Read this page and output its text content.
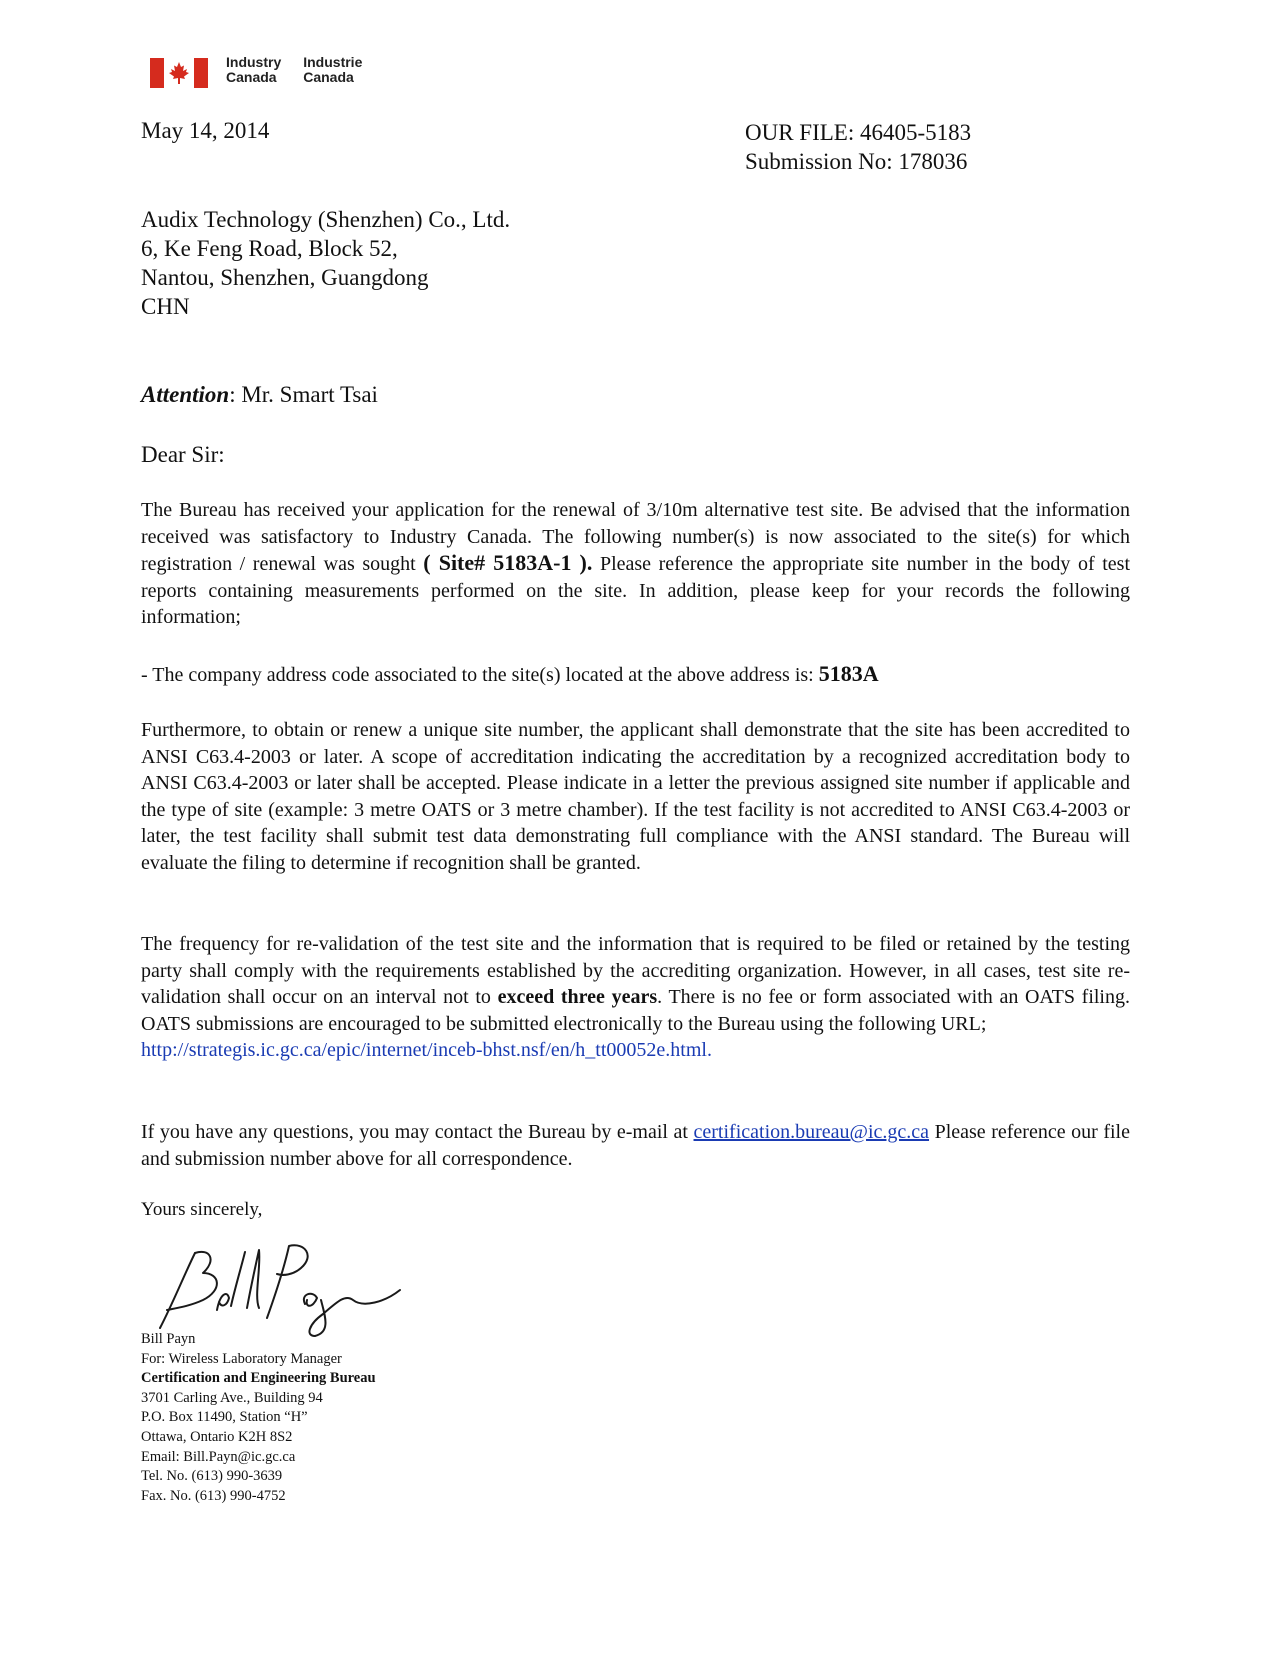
Industry
Canada
Industrie
Canada
May 14, 2014	OUR FILE: 46405-5183
Submission No: 178036
Audix Technology (Shenzhen) Co., Ltd.
6, Ke Feng Road, Block 52,
Nantou, Shenzhen, Guangdong
CHN
Attention: Mr. Smart Tsai
Dear Sir:
The Bureau has received your application for the renewal of 3/10m alternative test site. Be advised that the information received was satisfactory to Industry Canada. The following number(s) is now associated to the site(s) for which registration / renewal was sought ( Site# 5183A-1 ). Please reference the appropriate site number in the body of test reports containing measurements performed on the site. In addition, please keep for your records the following information;
- The company address code associated to the site(s) located at the above address is: 5183A
Furthermore, to obtain or renew a unique site number, the applicant shall demonstrate that the site has been accredited to ANSI C63.4-2003 or later. A scope of accreditation indicating the accreditation by a recognized accreditation body to ANSI C63.4-2003 or later shall be accepted. Please indicate in a letter the previous assigned site number if applicable and the type of site (example: 3 metre OATS or 3 metre chamber). If the test facility is not accredited to ANSI C63.4-2003 or later, the test facility shall submit test data demonstrating full compliance with the ANSI standard. The Bureau will evaluate the filing to determine if recognition shall be granted.
The frequency for re-validation of the test site and the information that is required to be filed or retained by the testing party shall comply with the requirements established by the accrediting organization. However, in all cases, test site re-validation shall occur on an interval not to exceed three years. There is no fee or form associated with an OATS filing. OATS submissions are encouraged to be submitted electronically to the Bureau using the following URL;
http://strategis.ic.gc.ca/epic/internet/inceb-bhst.nsf/en/h_tt00052e.html.
If you have any questions, you may contact the Bureau by e-mail at certification.bureau@ic.gc.ca Please reference our file and submission number above for all correspondence.
Yours sincerely,
Bill Payn
For: Wireless Laboratory Manager
Certification and Engineering Bureau
3701 Carling Ave., Building 94
P.O. Box 11490, Station “H”
Ottawa, Ontario K2H 8S2
Email: Bill.Payn@ic.gc.ca
Tel. No. (613) 990-3639
Fax. No. (613) 990-4752
